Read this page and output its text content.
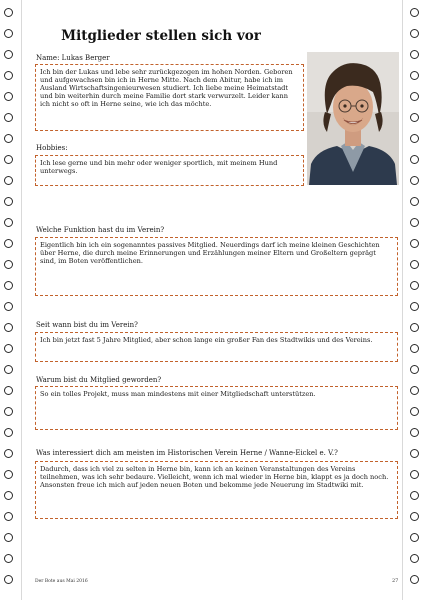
Mitglieder stellen sich vor

Name: Lukas Berger

Ich bin der Lukas und lebe sehr zurückgezogen im hohen Norden. Geboren und aufgewachsen bin ich in Herne Mitte. Nach dem Abitur, habe ich im Ausland Wirtschaftsingenieurwesen studiert. Ich liebe meine Heimatstadt und bin weiterhin durch meine Familie dort stark verwurzelt. Leider kann ich nicht so oft in Herne seine, wie ich das möchte.

Hobbies:

Ich lese gerne und bin mehr oder weniger sportlich, mit meinem Hund unterwegs.

Welche Funktion hast du im Verein?

Eigentlich bin ich ein sogenanntes passives Mitglied. Neuerdings darf ich meine kleinen Geschichten über Herne, die durch meine Erinnerungen und Erzählungen meiner Eltern und Großeltern geprägt sind, im Boten veröffentlichen.

Seit wann bist du im Verein?

Ich bin jetzt fast 5 Jahre Mitglied, aber schon lange ein großer Fan des Stadtwikis und des Vereins.

Warum bist du Mitglied geworden?

So ein tolles Projekt, muss man mindestens mit einer Mitgliedschaft unterstützen.

Was interessiert dich am meisten im Historischen Verein Herne / Wanne-Eickel e. V.?

Dadurch, dass ich viel zu selten in Herne bin, kann ich an keinen Veranstaltungen des Vereins teilnehmen, was ich sehr bedaure. Vielleicht, wenn ich mal wieder in Herne bin, klappt es ja doch noch. Ansonsten freue ich mich auf jeden neuen Boten und bekomme jede Neuerung im Stadtwiki mit.
Der Bote aus Mai 2016	27
